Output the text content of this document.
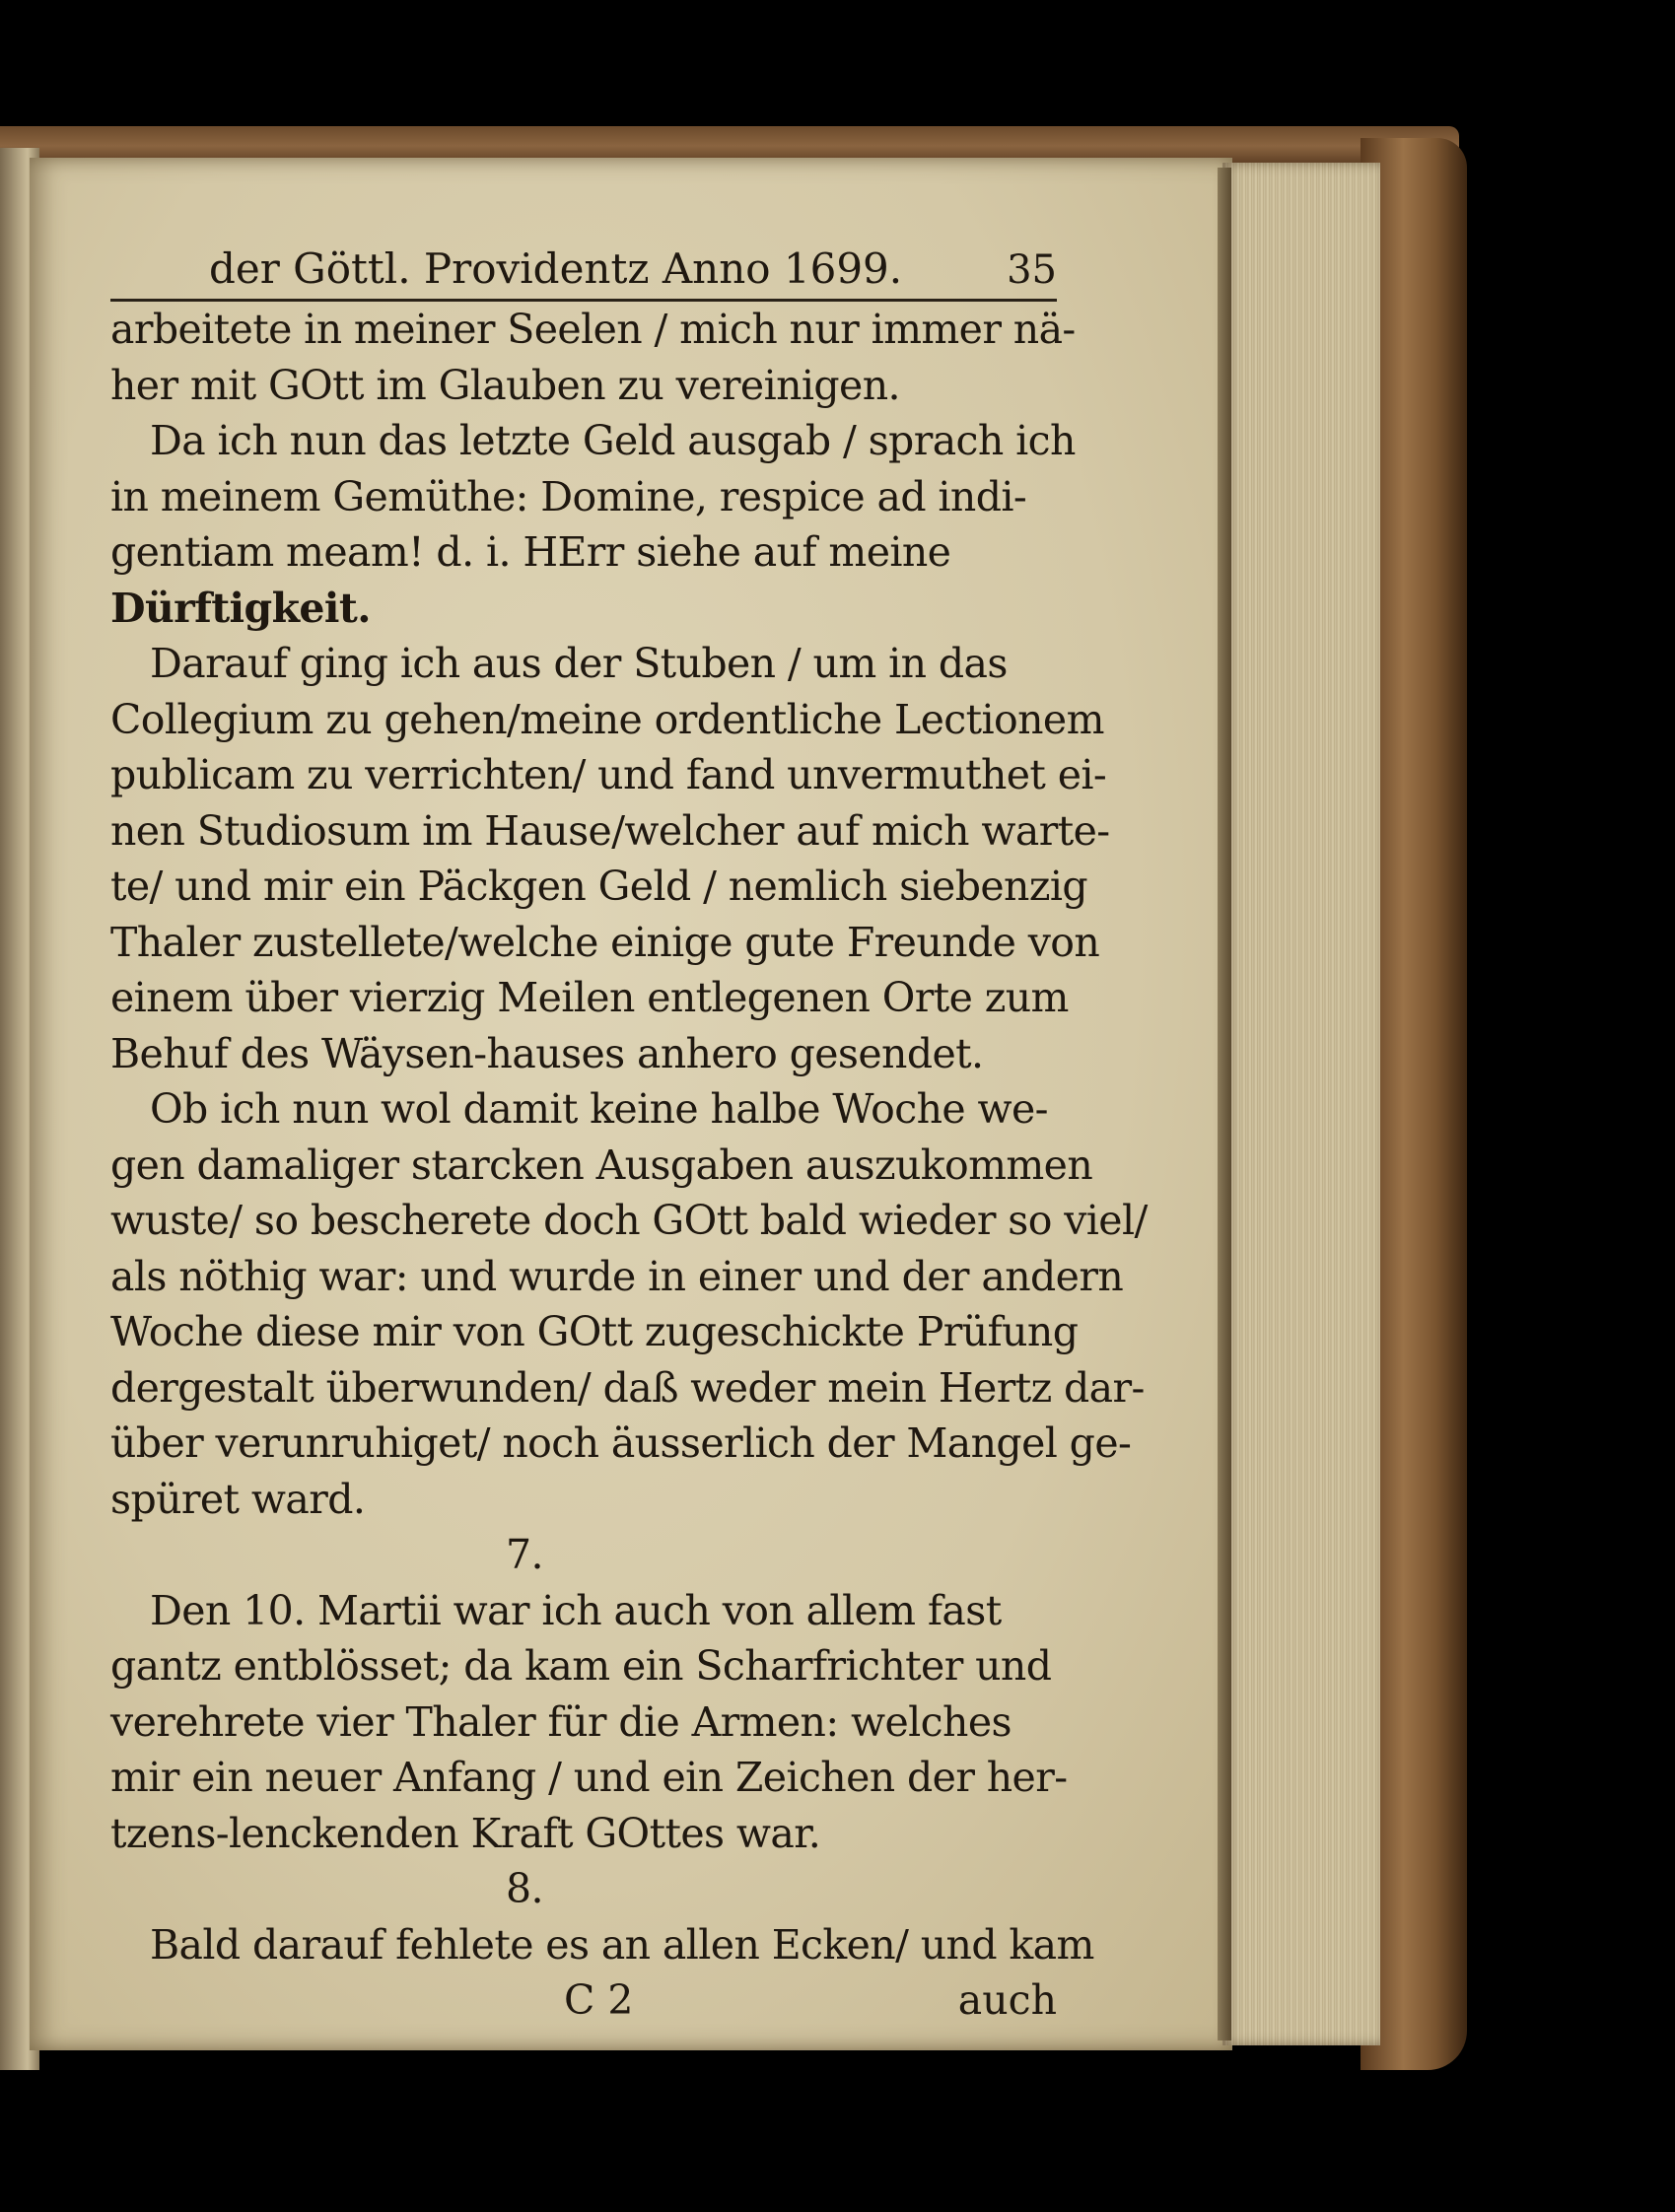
der Göttl. Providentz Anno 1699.	35
arbeitete in meiner Seelen / mich nur immer nä-
her mit GOtt im Glauben zu vereinigen.
Da ich nun das letzte Geld ausgab / sprach ich
in meinem Gemüthe: Domine, respice ad indi-
gentiam meam! d. i. HErr siehe auf meine
Dürftigkeit.
Darauf ging ich aus der Stuben / um in das
Collegium zu gehen/meine ordentliche Lectionem
publicam zu verrichten/ und fand unvermuthet ei-
nen Studiosum im Hause/welcher auf mich warte-
te/ und mir ein Päckgen Geld / nemlich siebenzig
Thaler zustellete/welche einige gute Freunde von
einem über vierzig Meilen entlegenen Orte zum
Behuf des Wäysen-hauses anhero gesendet.
Ob ich nun wol damit keine halbe Woche we-
gen damaliger starcken Ausgaben auszukommen
wuste/ so bescherete doch GOtt bald wieder so viel/
als nöthig war: und wurde in einer und der andern
Woche diese mir von GOtt zugeschickte Prüfung
dergestalt überwunden/ daß weder mein Hertz dar-
über verunruhiget/ noch äusserlich der Mangel ge-
spüret ward.
7.
Den 10. Martii war ich auch von allem fast
gantz entblösset; da kam ein Scharfrichter und
verehrete vier Thaler für die Armen: welches
mir ein neuer Anfang / und ein Zeichen der her-
tzens-lenckenden Kraft GOttes war.
8.
Bald darauf fehlete es an allen Ecken/ und kam
C 2	auch
